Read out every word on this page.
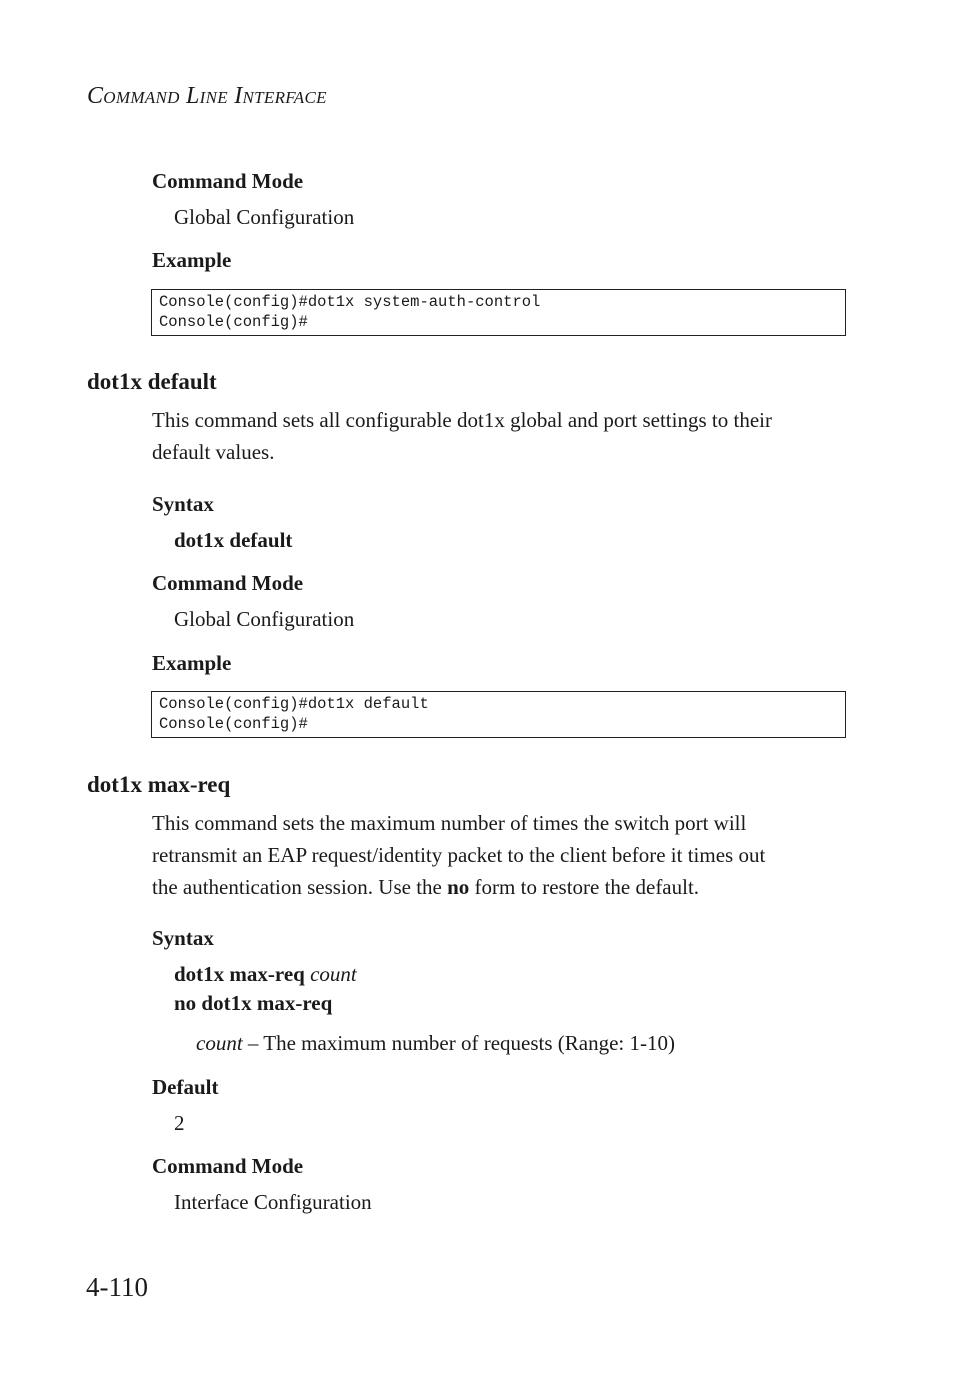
Command Line Interface
Command Mode
Global Configuration
Example
Console(config)#dot1x system-auth-control
Console(config)#
dot1x default
This command sets all configurable dot1x global and port settings to their
default values.
Syntax
dot1x default
Command Mode
Global Configuration
Example
Console(config)#dot1x default
Console(config)#
dot1x max-req
This command sets the maximum number of times the switch port will
retransmit an EAP request/identity packet to the client before it times out
the authentication session. Use the no form to restore the default.
Syntax
dot1x max-req count
no dot1x max-req
count – The maximum number of requests (Range: 1-10)
Default
2
Command Mode
Interface Configuration
4-110
